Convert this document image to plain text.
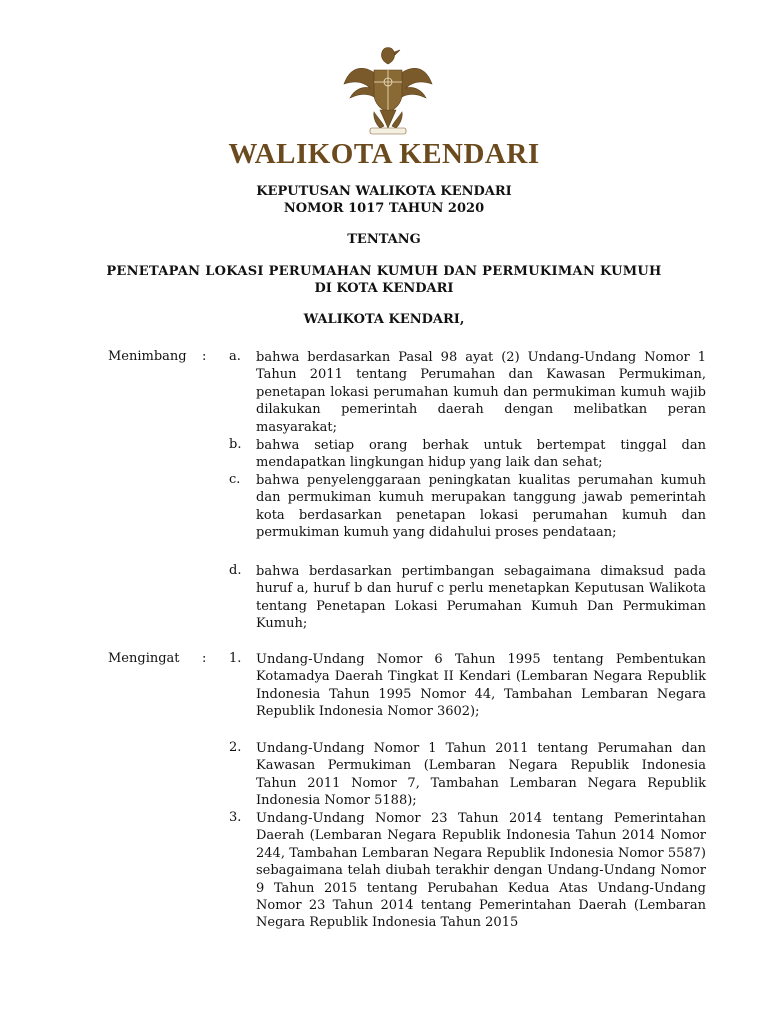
WALIKOTA KENDARI
KEPUTUSAN WALIKOTA KENDARI
NOMOR 1017 TAHUN 2020
TENTANG
PENETAPAN LOKASI PERUMAHAN KUMUH DAN PERMUKIMAN KUMUH
DI KOTA KENDARI
WALIKOTA KENDARI,
Menimbang : a. bahwa berdasarkan Pasal 98 ayat (2) Undang-Undang Nomor 1 Tahun 2011 tentang Perumahan dan Kawasan Permukiman, penetapan lokasi perumahan kumuh dan permukiman kumuh wajib dilakukan pemerintah daerah dengan melibatkan peran masyarakat;
b. bahwa setiap orang berhak untuk bertempat tinggal dan mendapatkan lingkungan hidup yang laik dan sehat;
c. bahwa penyelenggaraan peningkatan kualitas perumahan kumuh dan permukiman kumuh merupakan tanggung jawab pemerintah kota berdasarkan penetapan lokasi perumahan kumuh dan permukiman kumuh yang didahului proses pendataan;
d. bahwa berdasarkan pertimbangan sebagaimana dimaksud pada huruf a, huruf b dan huruf c perlu menetapkan Keputusan Walikota tentang Penetapan Lokasi Perumahan Kumuh Dan Permukiman Kumuh;
Mengingat : 1. Undang-Undang Nomor 6 Tahun 1995 tentang Pembentukan Kotamadya Daerah Tingkat II Kendari (Lembaran Negara Republik Indonesia Tahun 1995 Nomor 44, Tambahan Lembaran Negara Republik Indonesia Nomor 3602);
2. Undang-Undang Nomor 1 Tahun 2011 tentang Perumahan dan Kawasan Permukiman (Lembaran Negara Republik Indonesia Tahun 2011 Nomor 7, Tambahan Lembaran Negara Republik Indonesia Nomor 5188);
3. Undang-Undang Nomor 23 Tahun 2014 tentang Pemerintahan Daerah (Lembaran Negara Republik Indonesia Tahun 2014 Nomor 244, Tambahan Lembaran Negara Republik Indonesia Nomor 5587) sebagaimana telah diubah terakhir dengan Undang-Undang Nomor 9 Tahun 2015 tentang Perubahan Kedua Atas Undang-Undang Nomor 23 Tahun 2014 tentang Pemerintahan Daerah (Lembaran Negara Republik Indonesia Tahun 2015
